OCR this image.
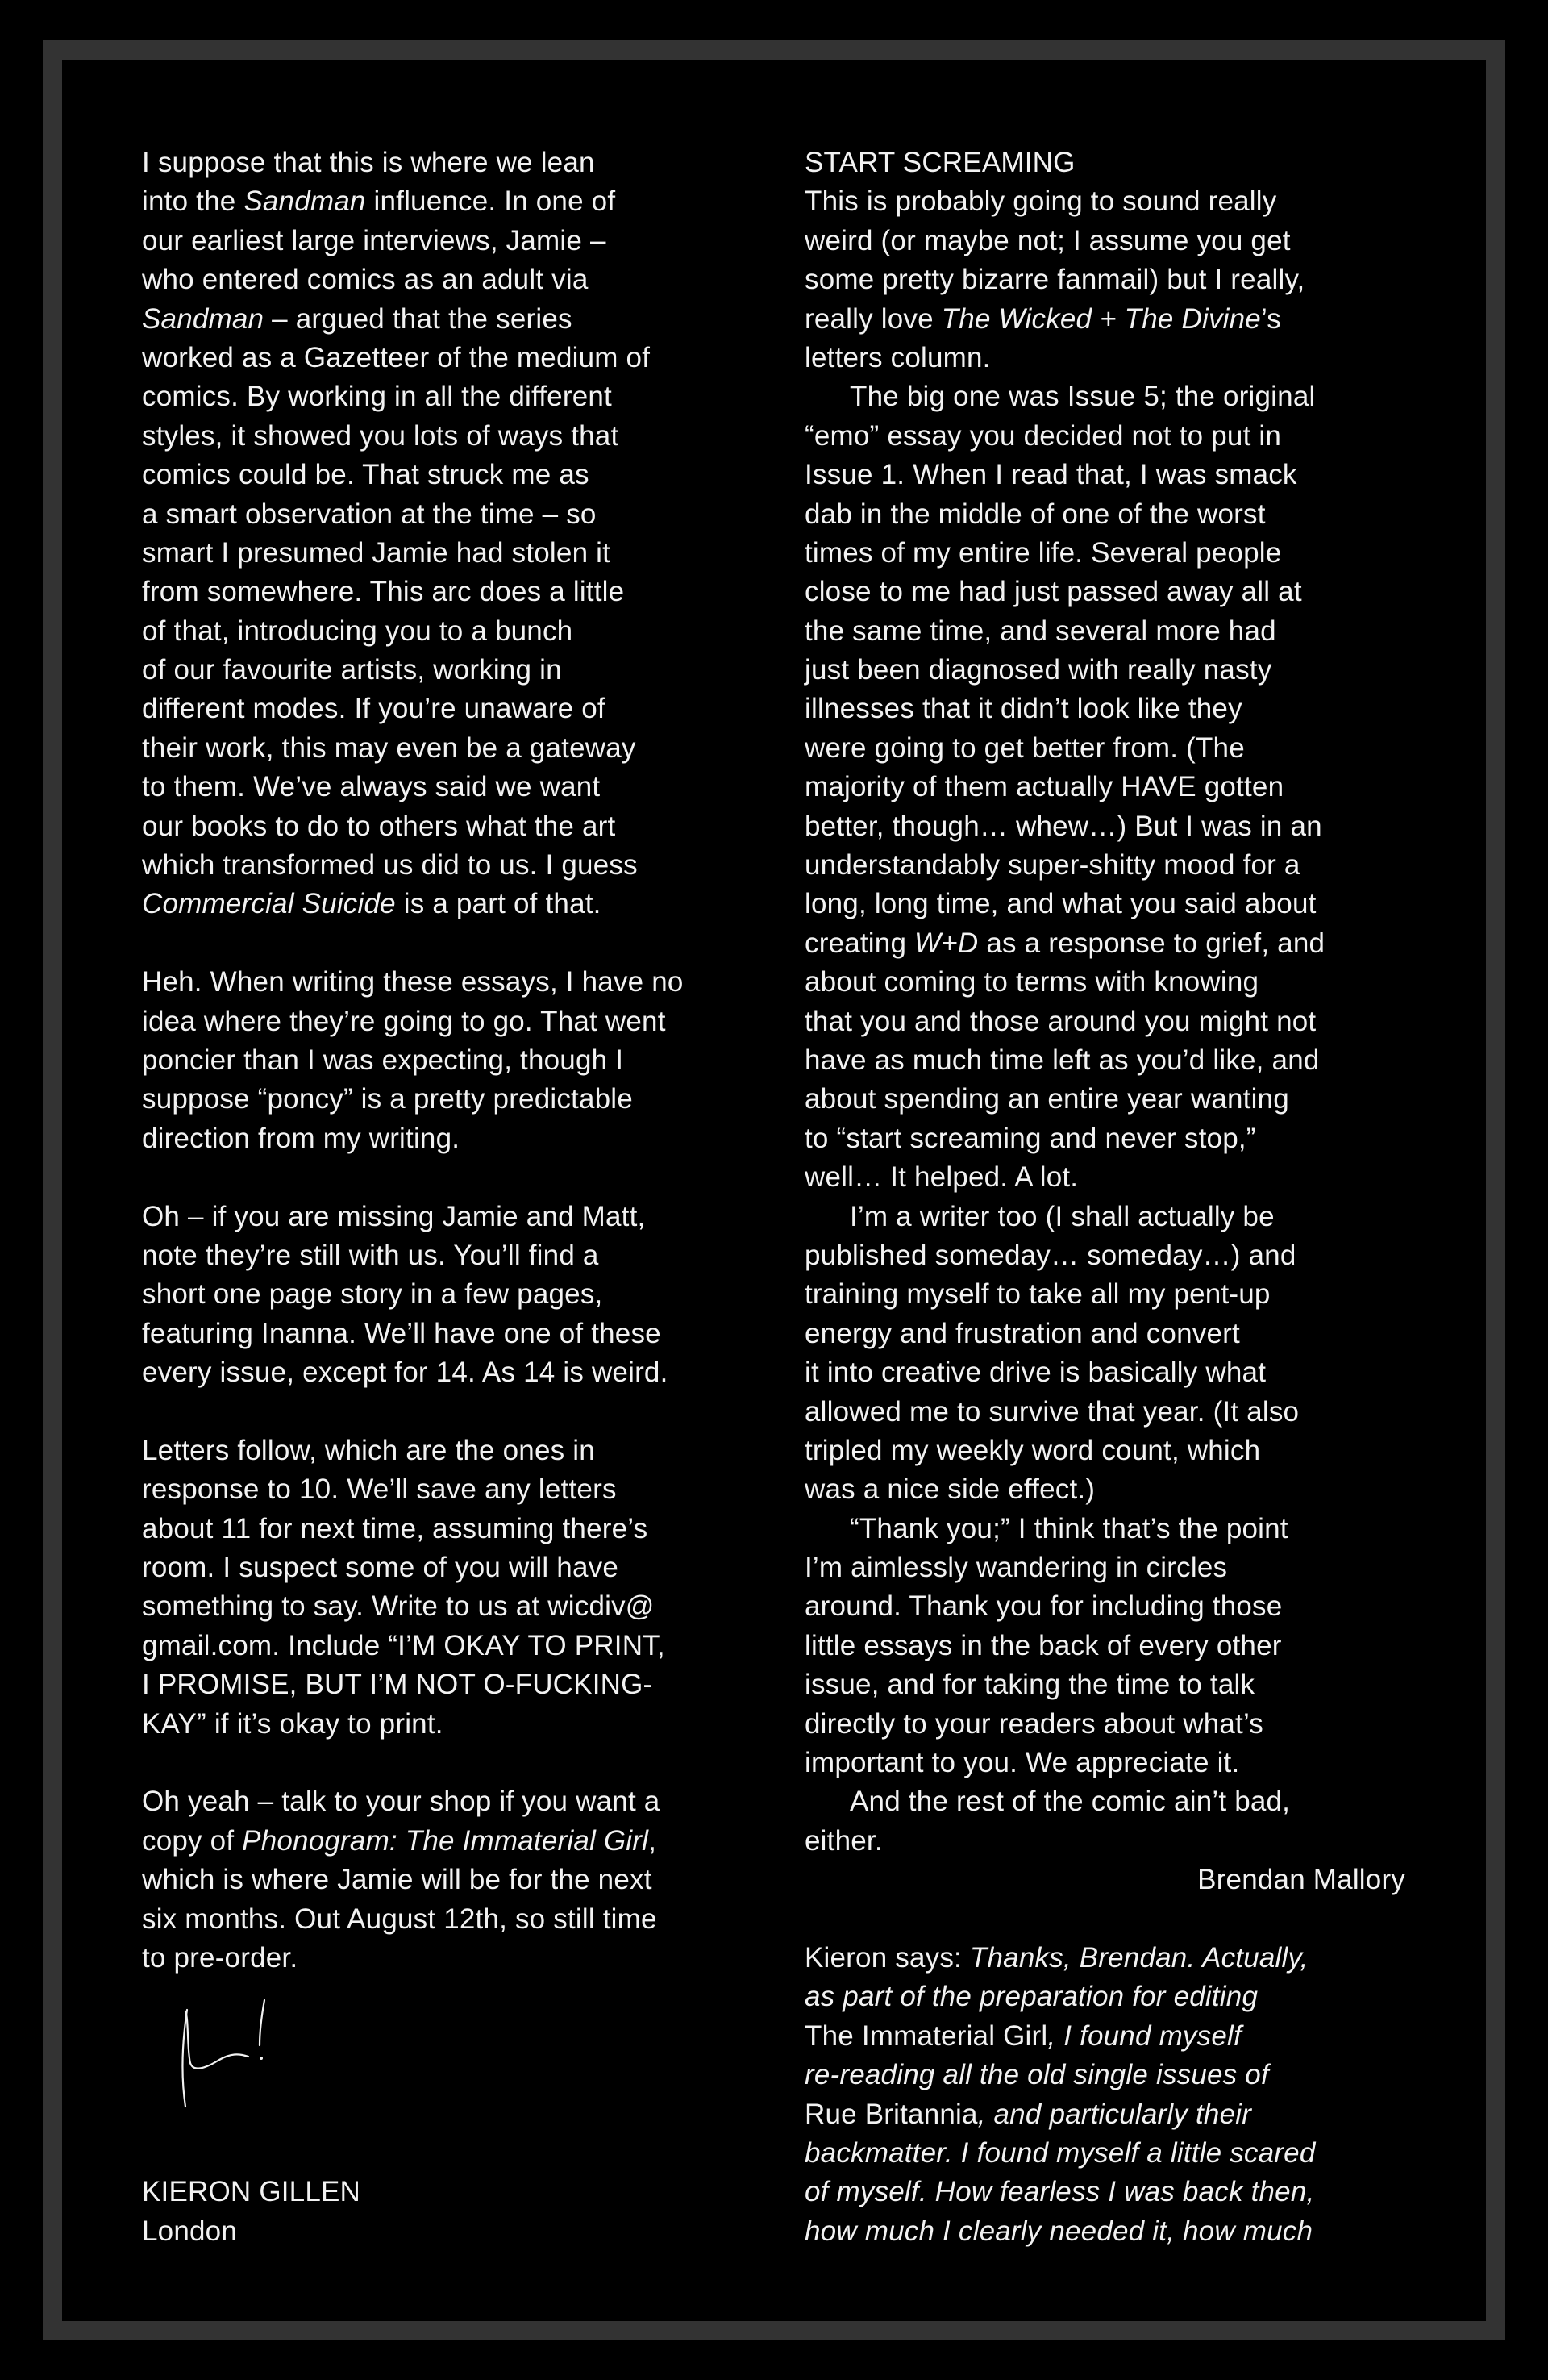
I suppose that this is where we lean
into the Sandman influence. In one of
our earliest large interviews, Jamie –
who entered comics as an adult via
Sandman – argued that the series
worked as a Gazetteer of the medium of
comics. By working in all the different
styles, it showed you lots of ways that
comics could be. That struck me as
a smart observation at the time – so
smart I presumed Jamie had stolen it
from somewhere. This arc does a little
of that, introducing you to a bunch
of our favourite artists, working in
different modes. If you’re unaware of
their work, this may even be a gateway
to them. We’ve always said we want
our books to do to others what the art
which transformed us did to us. I guess
Commercial Suicide is a part of that.
Heh. When writing these essays, I have no
idea where they’re going to go. That went
poncier than I was expecting, though I
suppose “poncy” is a pretty predictable
direction from my writing.
Oh – if you are missing Jamie and Matt,
note they’re still with us. You’ll find a
short one page story in a few pages,
featuring Inanna. We’ll have one of these
every issue, except for 14. As 14 is weird.
Letters follow, which are the ones in
response to 10. We’ll save any letters
about 11 for next time, assuming there’s
room. I suspect some of you will have
something to say. Write to us at wicdiv@
gmail.com. Include “I’M OKAY TO PRINT,
I PROMISE, BUT I’M NOT O-FUCKING-
KAY” if it’s okay to print.
Oh yeah – talk to your shop if you want a
copy of Phonogram: The Immaterial Girl,
which is where Jamie will be for the next
six months. Out August 12th, so still time
to pre-order.
KIERON GILLEN
London
START SCREAMING
This is probably going to sound really
weird (or maybe not; I assume you get
some pretty bizarre fanmail) but I really,
really love The Wicked + The Divine’s
letters column.
The big one was Issue 5; the original
“emo” essay you decided not to put in
Issue 1. When I read that, I was smack
dab in the middle of one of the worst
times of my entire life. Several people
close to me had just passed away all at
the same time, and several more had
just been diagnosed with really nasty
illnesses that it didn’t look like they
were going to get better from. (The
majority of them actually HAVE gotten
better, though… whew…) But I was in an
understandably super-shitty mood for a
long, long time, and what you said about
creating W+D as a response to grief, and
about coming to terms with knowing
that you and those around you might not
have as much time left as you’d like, and
about spending an entire year wanting
to “start screaming and never stop,”
well… It helped. A lot.
I’m a writer too (I shall actually be
published someday… someday…) and
training myself to take all my pent-up
energy and frustration and convert
it into creative drive is basically what
allowed me to survive that year. (It also
tripled my weekly word count, which
was a nice side effect.)
“Thank you;” I think that’s the point
I’m aimlessly wandering in circles
around. Thank you for including those
little essays in the back of every other
issue, and for taking the time to talk
directly to your readers about what’s
important to you. We appreciate it.
And the rest of the comic ain’t bad,
either.
Brendan Mallory
Kieron says: Thanks, Brendan. Actually,
as part of the preparation for editing
The Immaterial Girl, I found myself
re-reading all the old single issues of
Rue Britannia, and particularly their
backmatter. I found myself a little scared
of myself. How fearless I was back then,
how much I clearly needed it, how much
